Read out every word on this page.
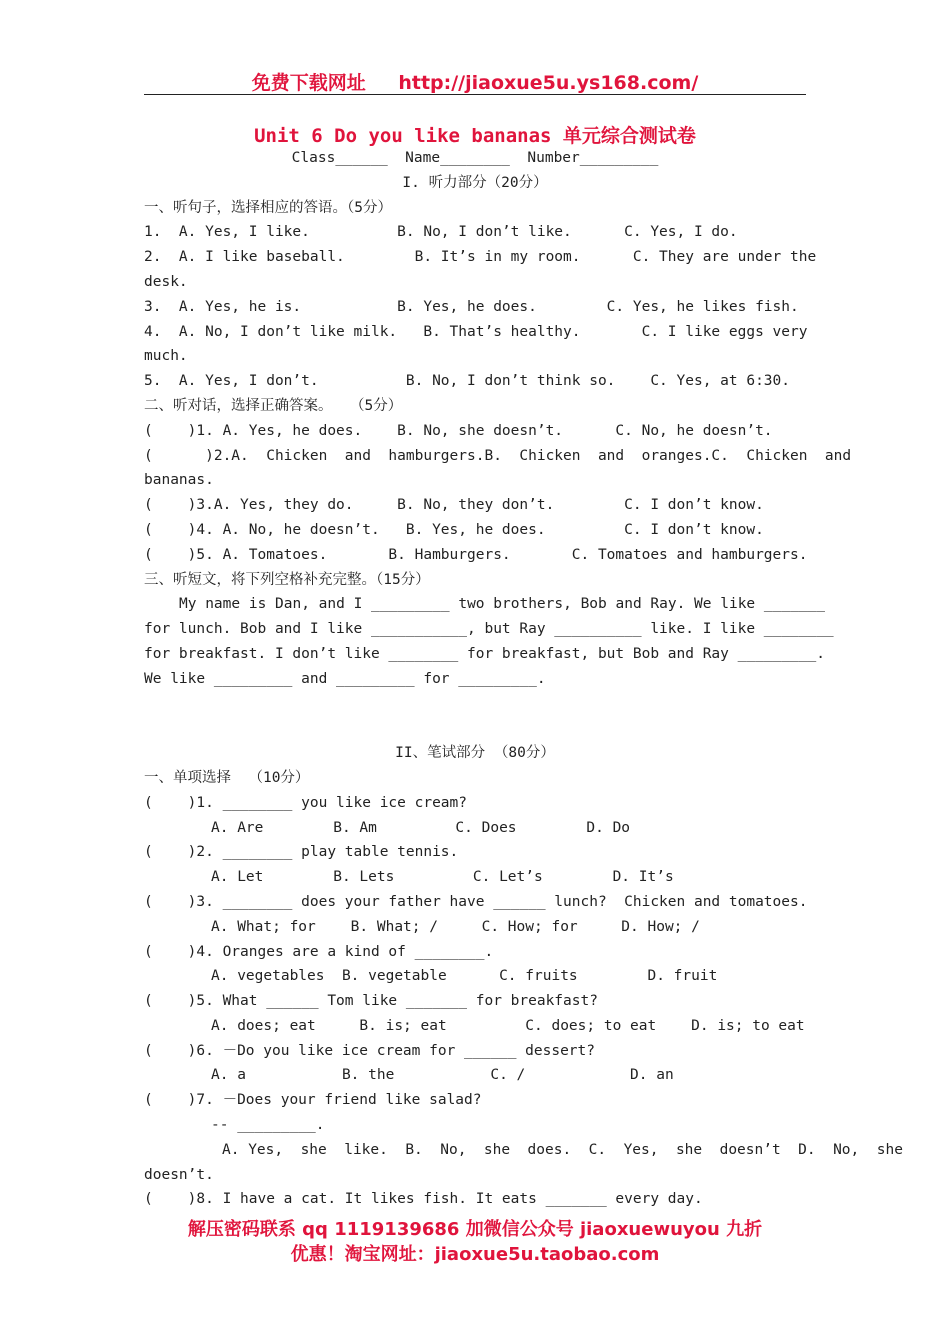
免费下载网址 http://jiaoxue5u.ys168.com/
Unit 6 Do you like bananas 单元综合测试卷
Class______  Name________  Number_________
I. 听力部分（20分）
一、听句子，选择相应的答语。（5分）
1.  A. Yes, I like.          B. No, I don’t like.      C. Yes, I do.
2.  A. I like baseball.        B. It’s in my room.      C. They are under the
desk.
3.  A. Yes, he is.           B. Yes, he does.        C. Yes, he likes fish.
4.  A. No, I don’t like milk.   B. That’s healthy.       C. I like eggs very
much.
5.  A. Yes, I don’t.          B. No, I don’t think so.    C. Yes, at 6:30.
二、听对话，选择正确答案。  （5分）
(    )1. A. Yes, he does.    B. No, she doesn’t.      C. No, he doesn’t.
(      )2.A.  Chicken  and  hamburgers.B.  Chicken  and  oranges.C.  Chicken  and
bananas.
(    )3.A. Yes, they do.     B. No, they don’t.        C. I don’t know.
(    )4. A. No, he doesn’t.   B. Yes, he does.         C. I don’t know.
(    )5. A. Tomatoes.       B. Hamburgers.       C. Tomatoes and hamburgers.
三、听短文，将下列空格补充完整。（15分）
My name is Dan, and I _________ two brothers, Bob and Ray. We like _______
for lunch. Bob and I like ___________, but Ray __________ like. I like ________
for breakfast. I don’t like ________ for breakfast, but Bob and Ray _________.
We like _________ and _________ for _________.
II、笔试部分 （80分）
一、单项选择  （10分）
(    )1. ________ you like ice cream?
A. Are        B. Am         C. Does        D. Do
(    )2. ________ play table tennis.
A. Let        B. Lets         C. Let’s        D. It’s
(    )3. ________ does your father have ______ lunch?  Chicken and tomatoes.
A. What; for    B. What; /     C. How; for     D. How; /
(    )4. Oranges are a kind of ________.
A. vegetables  B. vegetable      C. fruits        D. fruit
(    )5. What ______ Tom like _______ for breakfast?
A. does; eat     B. is; eat         C. does; to eat    D. is; to eat
(    )6. －Do you like ice cream for ______ dessert?
A. a           B. the           C. /            D. an
(    )7. －Does your friend like salad?
-- _________.
A. Yes,  she  like.  B.  No,  she  does.  C.  Yes,  she  doesn’t  D.  No,  she
doesn’t.
(    )8. I have a cat. It likes fish. It eats _______ every day.
解压密码联系 qq 1119139686 加微信公众号 jiaoxuewuyou 九折
优惠！淘宝网址：jiaoxue5u.taobao.com
